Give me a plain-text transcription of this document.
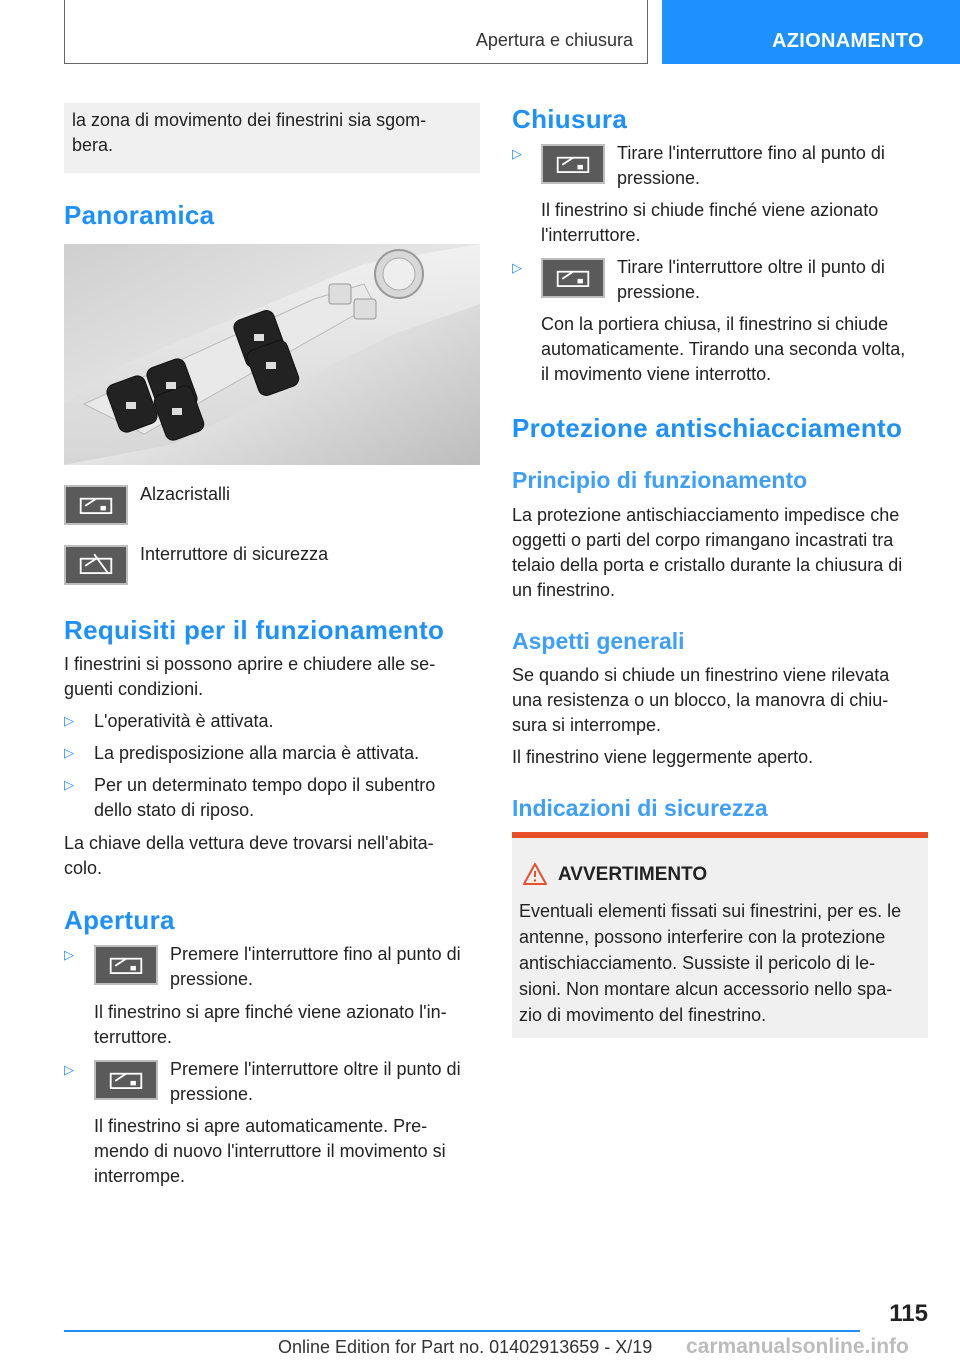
Apertura e chiusura	AZIONAMENTO
la zona di movimento dei finestrini sia sgom-
bera.
Panoramica
Alzacristalli
Interruttore di sicurezza
Requisiti per il funzionamento
I finestrini si possono aprire e chiudere alle se-
guenti condizioni.
▷ L'operatività è attivata.
▷ La predisposizione alla marcia è attivata.
▷ Per un determinato tempo dopo il subentro
dello stato di riposo.
La chiave della vettura deve trovarsi nell'abita-
colo.
Apertura
▷	Premere l'interruttore fino al punto di
pressione.
Il finestrino si apre finché viene azionato l'in-
terruttore.
▷	Premere l'interruttore oltre il punto di
pressione.
Il finestrino si apre automaticamente. Pre-
mendo di nuovo l'interruttore il movimento si
interrompe.
Chiusura
▷	Tirare l'interruttore fino al punto di
pressione.
Il finestrino si chiude finché viene azionato
l'interruttore.
▷	Tirare l'interruttore oltre il punto di
pressione.
Con la portiera chiusa, il finestrino si chiude
automaticamente. Tirando una seconda volta,
il movimento viene interrotto.
Protezione antischiacciamento
Principio di funzionamento
La protezione antischiacciamento impedisce che
oggetti o parti del corpo rimangano incastrati tra
telaio della porta e cristallo durante la chiusura di
un finestrino.
Aspetti generali
Se quando si chiude un finestrino viene rilevata
una resistenza o un blocco, la manovra di chiu-
sura si interrompe.
Il finestrino viene leggermente aperto.
Indicazioni di sicurezza
AVVERTIMENTO
Eventuali elementi fissati sui finestrini, per es. le
antenne, possono interferire con la protezione
antischiacciamento. Sussiste il pericolo di le-
sioni. Non montare alcun accessorio nello spa-
zio di movimento del finestrino.
115
Online Edition for Part no. 01402913659 - X/19 carmanualsonline.info
